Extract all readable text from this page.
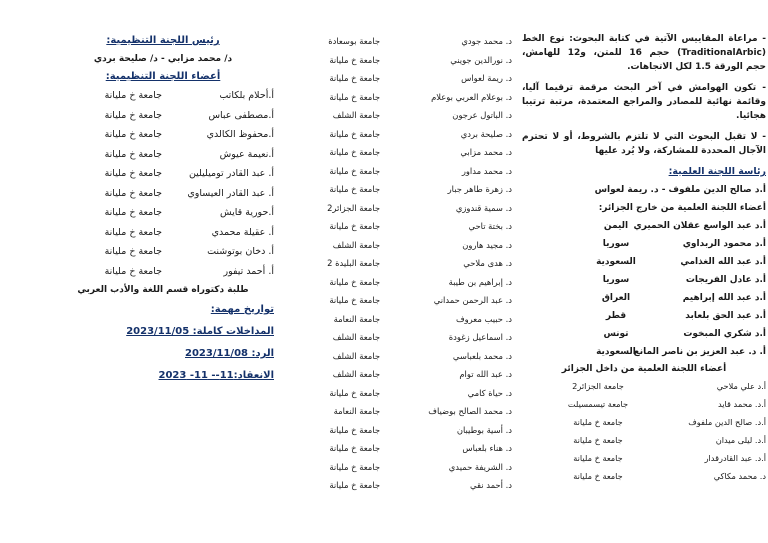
- مراعاة المقاييس الآتية في كتابة البحوث: نوع الخط (TraditionalArbic) حجم 16 للمتن، و12 للهامش، حجم الورقة 1.5 لكل الاتجاهات.

- تكون الهوامش في آخر البحث مرقمة ترقيما آليا، وقائمة نهائية للمصادر والمراجع المعتمدة، مرتبة ترتيبا هجائيا.

- لا تقبل البحوث التي لا تلتزم بالشروط، أو لا تحترم الآجال المحددة للمشاركة، ولا يُرد عليها

رئاسة اللجنة العلمية:

أ.د صالح الدين ملفوف - د. ريمة لعواس

أعضاء اللجنة العلمية من خارج الجزائر:

أ.د عبد الواسع عقلان الحميري
اليمن
أ.د محمود الربداوي
سوريا
أ.د عبد الله الغذامي
السعودية
أ.د عادل الفريجات
سوريا
أ.د عبد الله إبراهيم
العراق
أ.د عبد الحق بلعابد
قطر
أ.د شكري المبخوت
تونس
أ. د. عبد العزيز بن ناصر المانع
السعودية

أعضاء اللجنة العلمية من داخل الجزائر

أ.د علي ملاحي
جامعة الجزائر2
أ.د. محمد قايد
جامعة تيسمسيلت
أ.د. صالح الدين ملفوف
جامعة خ مليانة
أ.د. ليلى ميدان
جامعة خ مليانة
أ.د. عبد القادرقدار
جامعة خ مليانة
د. محمد مكاكي
جامعة خ مليانة
د. محمد جودي
جامعة بوسعادة
د. نورالدين جويني
جامعة خ مليانة
د. ريمة لعواس
جامعة خ مليانة
د. بوعلام العربي بوعلام
جامعة خ مليانة
د. الباتول عرجون
جامعة الشلف
د. صليحة بردي
جامعة خ مليانة
د. محمد مزابي
جامعة خ مليانة
د. محمد مداور
جامعة خ مليانة
د. زهرة طاهر جبار
جامعة خ مليانة
د. سمية قندوزي
جامعة الجزائر2
د. بختة تاحي
جامعة خ مليانة
د. مجيد هارون
جامعة الشلف
د. هدى ملاحي
جامعة البليدة 2
د. إبراهيم بن طيبة
جامعة خ مليانة
د. عبد الرحمن حمداني
جامعة خ مليانة
د. حبيب معروف
جامعة النعامة
د. اسماعيل زغودة
جامعة الشلف
د. محمد بلعباسي
جامعة الشلف
د. عبد الله توام
جامعة الشلف
د. حياة كامي
جامعة خ مليانة
د. محمد الصالح بوضياف
جامعة النعامة
د. أسية بوطيبان
جامعة خ مليانة
د. هناء بلعباس
جامعة خ مليانة
د. الشريفة حميدي
جامعة خ مليانة
د. أحمد نقي
جامعة خ مليانة

رئيس اللجنة التنظيمية:

د/ محمد مزابي - د/ صليحة بردي

أعضاء اللجنة التنظيمية:

أ.أحلام بلكاتب
جامعة خ مليانة
أ.مصطفى عباس
جامعة خ مليانة
أ.محفوظ الكالدي
جامعة خ مليانة
أ.نعيمة عيوش
جامعة خ مليانة
أ. عبد القادر توميليلين
جامعة خ مليانة
أ. عبد القادر العيساوي
جامعة خ مليانة
أ.حورية قايش
جامعة خ مليانة
أ. عقيلة محمدي
جامعة خ مليانة
أ. دخان بوتوشنت
جامعة خ مليانة
أ. أحمد تيفور
جامعة خ مليانة

طلبة دكتوراه قسم اللغة والأدب العربي

تواريخ مهمة:

المداخلات كاملة: 2023/11/05

الرد: 2023/11/08

الانعقاد:11-- 11- 2023
